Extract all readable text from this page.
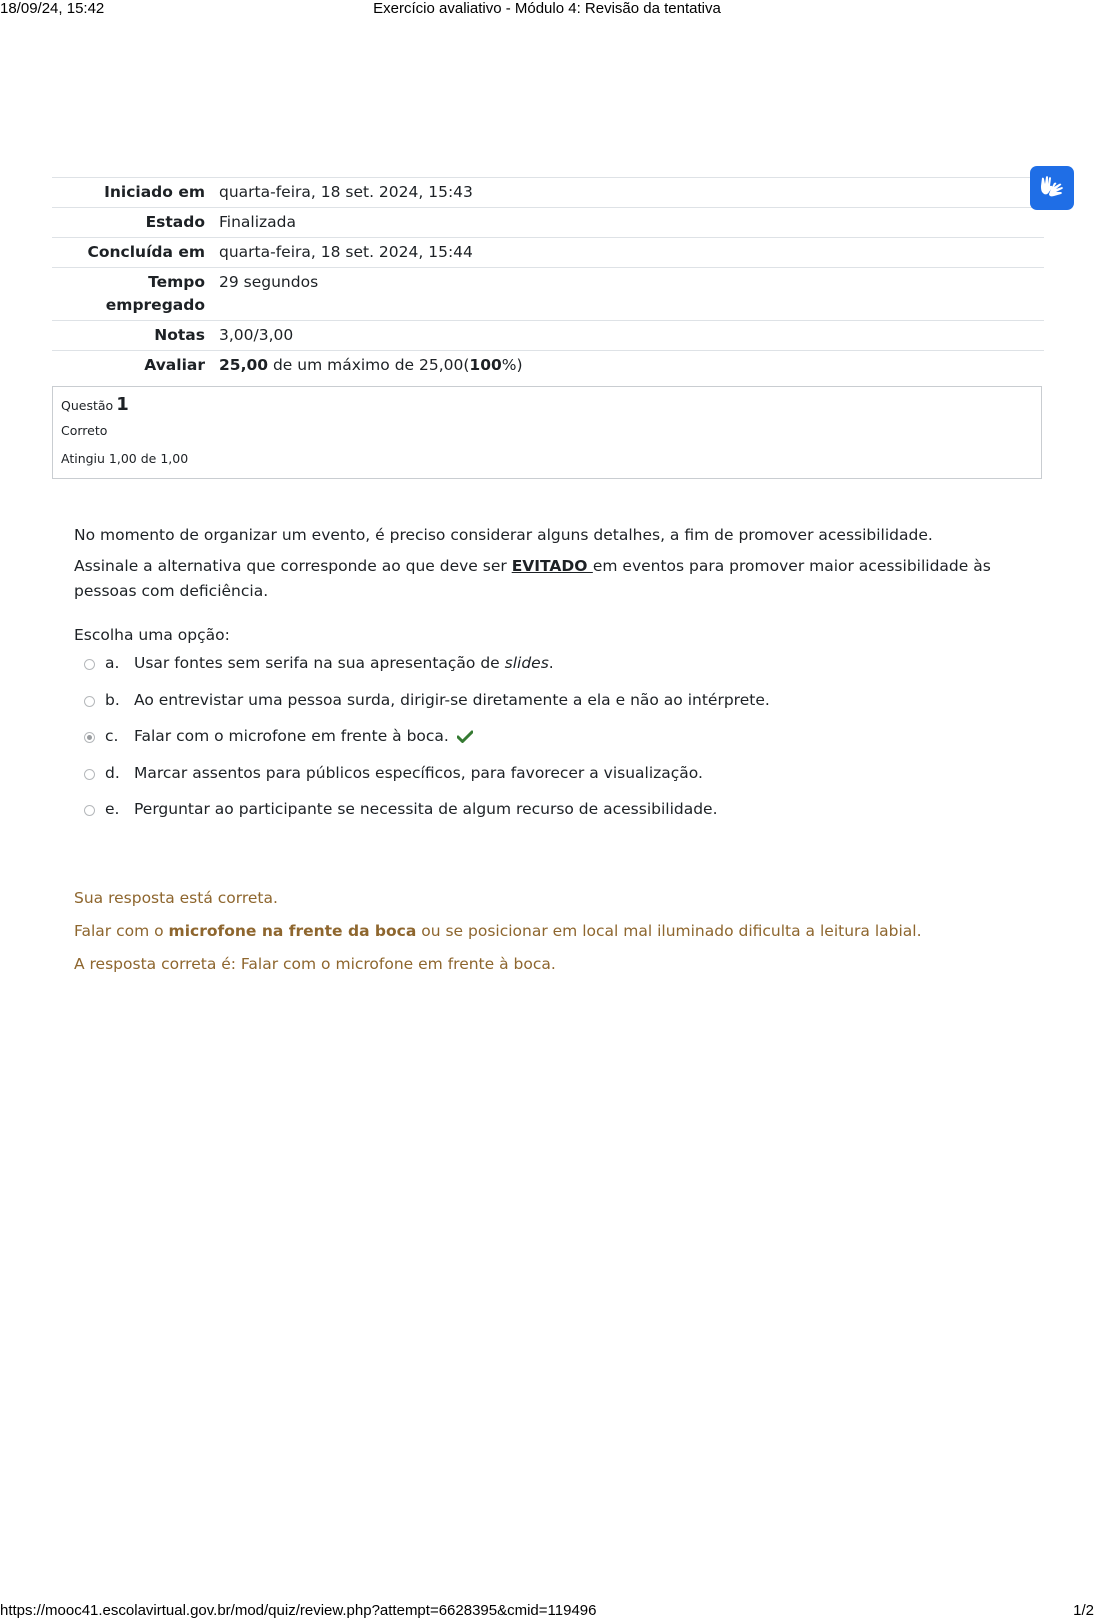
18/09/24, 15:42	Exercício avaliativo - Módulo 4: Revisão da tentativa
Iniciado em	quarta-feira, 18 set. 2024, 15:43
Estado	Finalizada
Concluída em	quarta-feira, 18 set. 2024, 15:44
Tempo
empregado	29 segundos
Notas	3,00/3,00
Avaliar	25,00 de um máximo de 25,00(100%)
Questão 1
Correto
Atingiu 1,00 de 1,00

No momento de organizar um evento, é preciso considerar alguns detalhes, a fim de promover acessibilidade.

Assinale a alternativa que corresponde ao que deve ser EVITADO em eventos para promover maior acessibilidade às pessoas com deficiência.

Escolha uma opção:
a. Usar fontes sem serifa na sua apresentação de slides.
b. Ao entrevistar uma pessoa surda, dirigir-se diretamente a ela e não ao intérprete.
c.	Falar com o microfone em frente à boca.
d. Marcar assentos para públicos específicos, para favorecer a visualização.
e. Perguntar ao participante se necessita de algum recurso de acessibilidade.

Sua resposta está correta.

Falar com o microfone na frente da boca ou se posicionar em local mal iluminado dificulta a leitura labial.

A resposta correta é: Falar com o microfone em frente à boca.

https://mooc41.escolavirtual.gov.br/mod/quiz/review.php?attempt=6628395&cmid=119496	1/2
